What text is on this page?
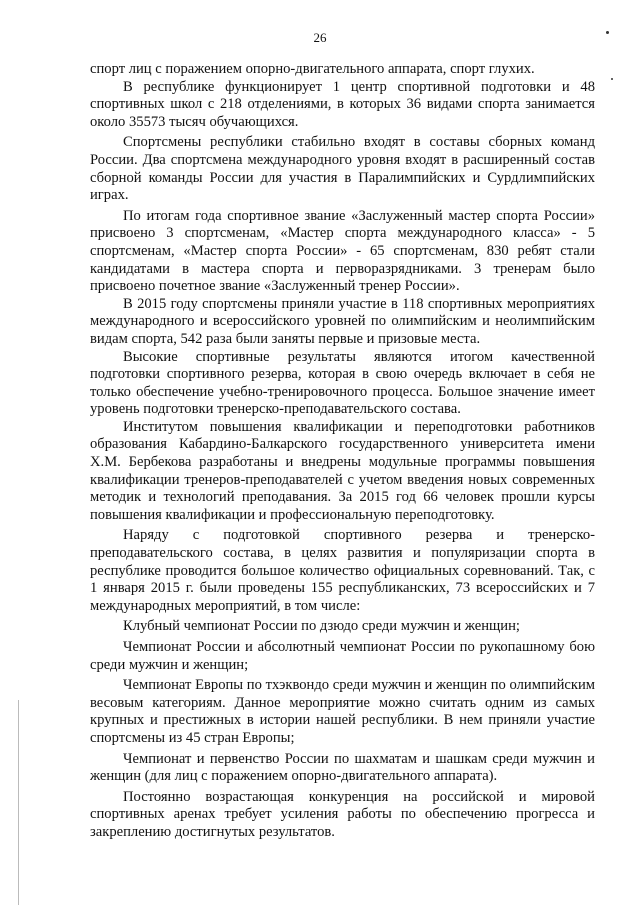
26

спорт лиц с поражением опорно-двигательного аппарата, спорт глухих.

В республике функционирует 1 центр спортивной подготовки и 48 спортивных школ с 218 отделениями, в которых 36 видами спорта занимается около 35573 тысяч обучающихся.

Спортсмены республики стабильно входят в составы сборных команд России. Два спортсмена международного уровня входят в расширенный состав сборной команды России для участия в Паралимпийских и Сурдлимпийских играх.

По итогам года спортивное звание «Заслуженный мастер спорта России» присвоено 3 спортсменам, «Мастер спорта международного класса» - 5 спортсменам, «Мастер спорта России» - 65 спортсменам, 830 ребят стали кандидатами в мастера спорта и перворазрядниками. 3 тренерам было присвоено почетное звание «Заслуженный тренер России».

В 2015 году спортсмены приняли участие в 118 спортивных мероприятиях международного и всероссийского уровней по олимпийским и неолимпийским видам спорта, 542 раза были заняты первые и призовые места.

Высокие спортивные результаты являются итогом качественной подготовки спортивного резерва, которая в свою очередь включает в себя не только обеспечение учебно-тренировочного процесса. Большое значение имеет уровень подготовки тренерско-преподавательского состава.

Институтом повышения квалификации и переподготовки работников образования Кабардино-Балкарского государственного университета имени Х.М. Бербекова разработаны и внедрены модульные программы повышения квалификации тренеров-преподавателей с учетом введения новых современных методик и технологий преподавания. За 2015 год 66 человек прошли курсы повышения квалификации и профессиональную переподготовку.

Наряду с подготовкой спортивного резерва и тренерско-преподавательского состава, в целях развития и популяризации спорта в республике проводится большое количество официальных соревнований. Так, с 1 января 2015 г. были проведены 155 республиканских, 73 всероссийских и 7 международных мероприятий, в том числе:

Клубный чемпионат России по дзюдо среди мужчин и женщин;

Чемпионат России и абсолютный чемпионат России по рукопашному бою среди мужчин и женщин;

Чемпионат Европы по тхэквондо среди мужчин и женщин по олимпийским весовым категориям. Данное мероприятие можно считать одним из самых крупных и престижных в истории нашей республики. В нем приняли участие спортсмены из 45 стран Европы;

Чемпионат и первенство России по шахматам и шашкам среди мужчин и женщин (для лиц с поражением опорно-двигательного аппарата).

Постоянно возрастающая конкуренция на российской и мировой спортивных аренах требует усиления работы по обеспечению прогресса и закреплению достигнутых результатов.
